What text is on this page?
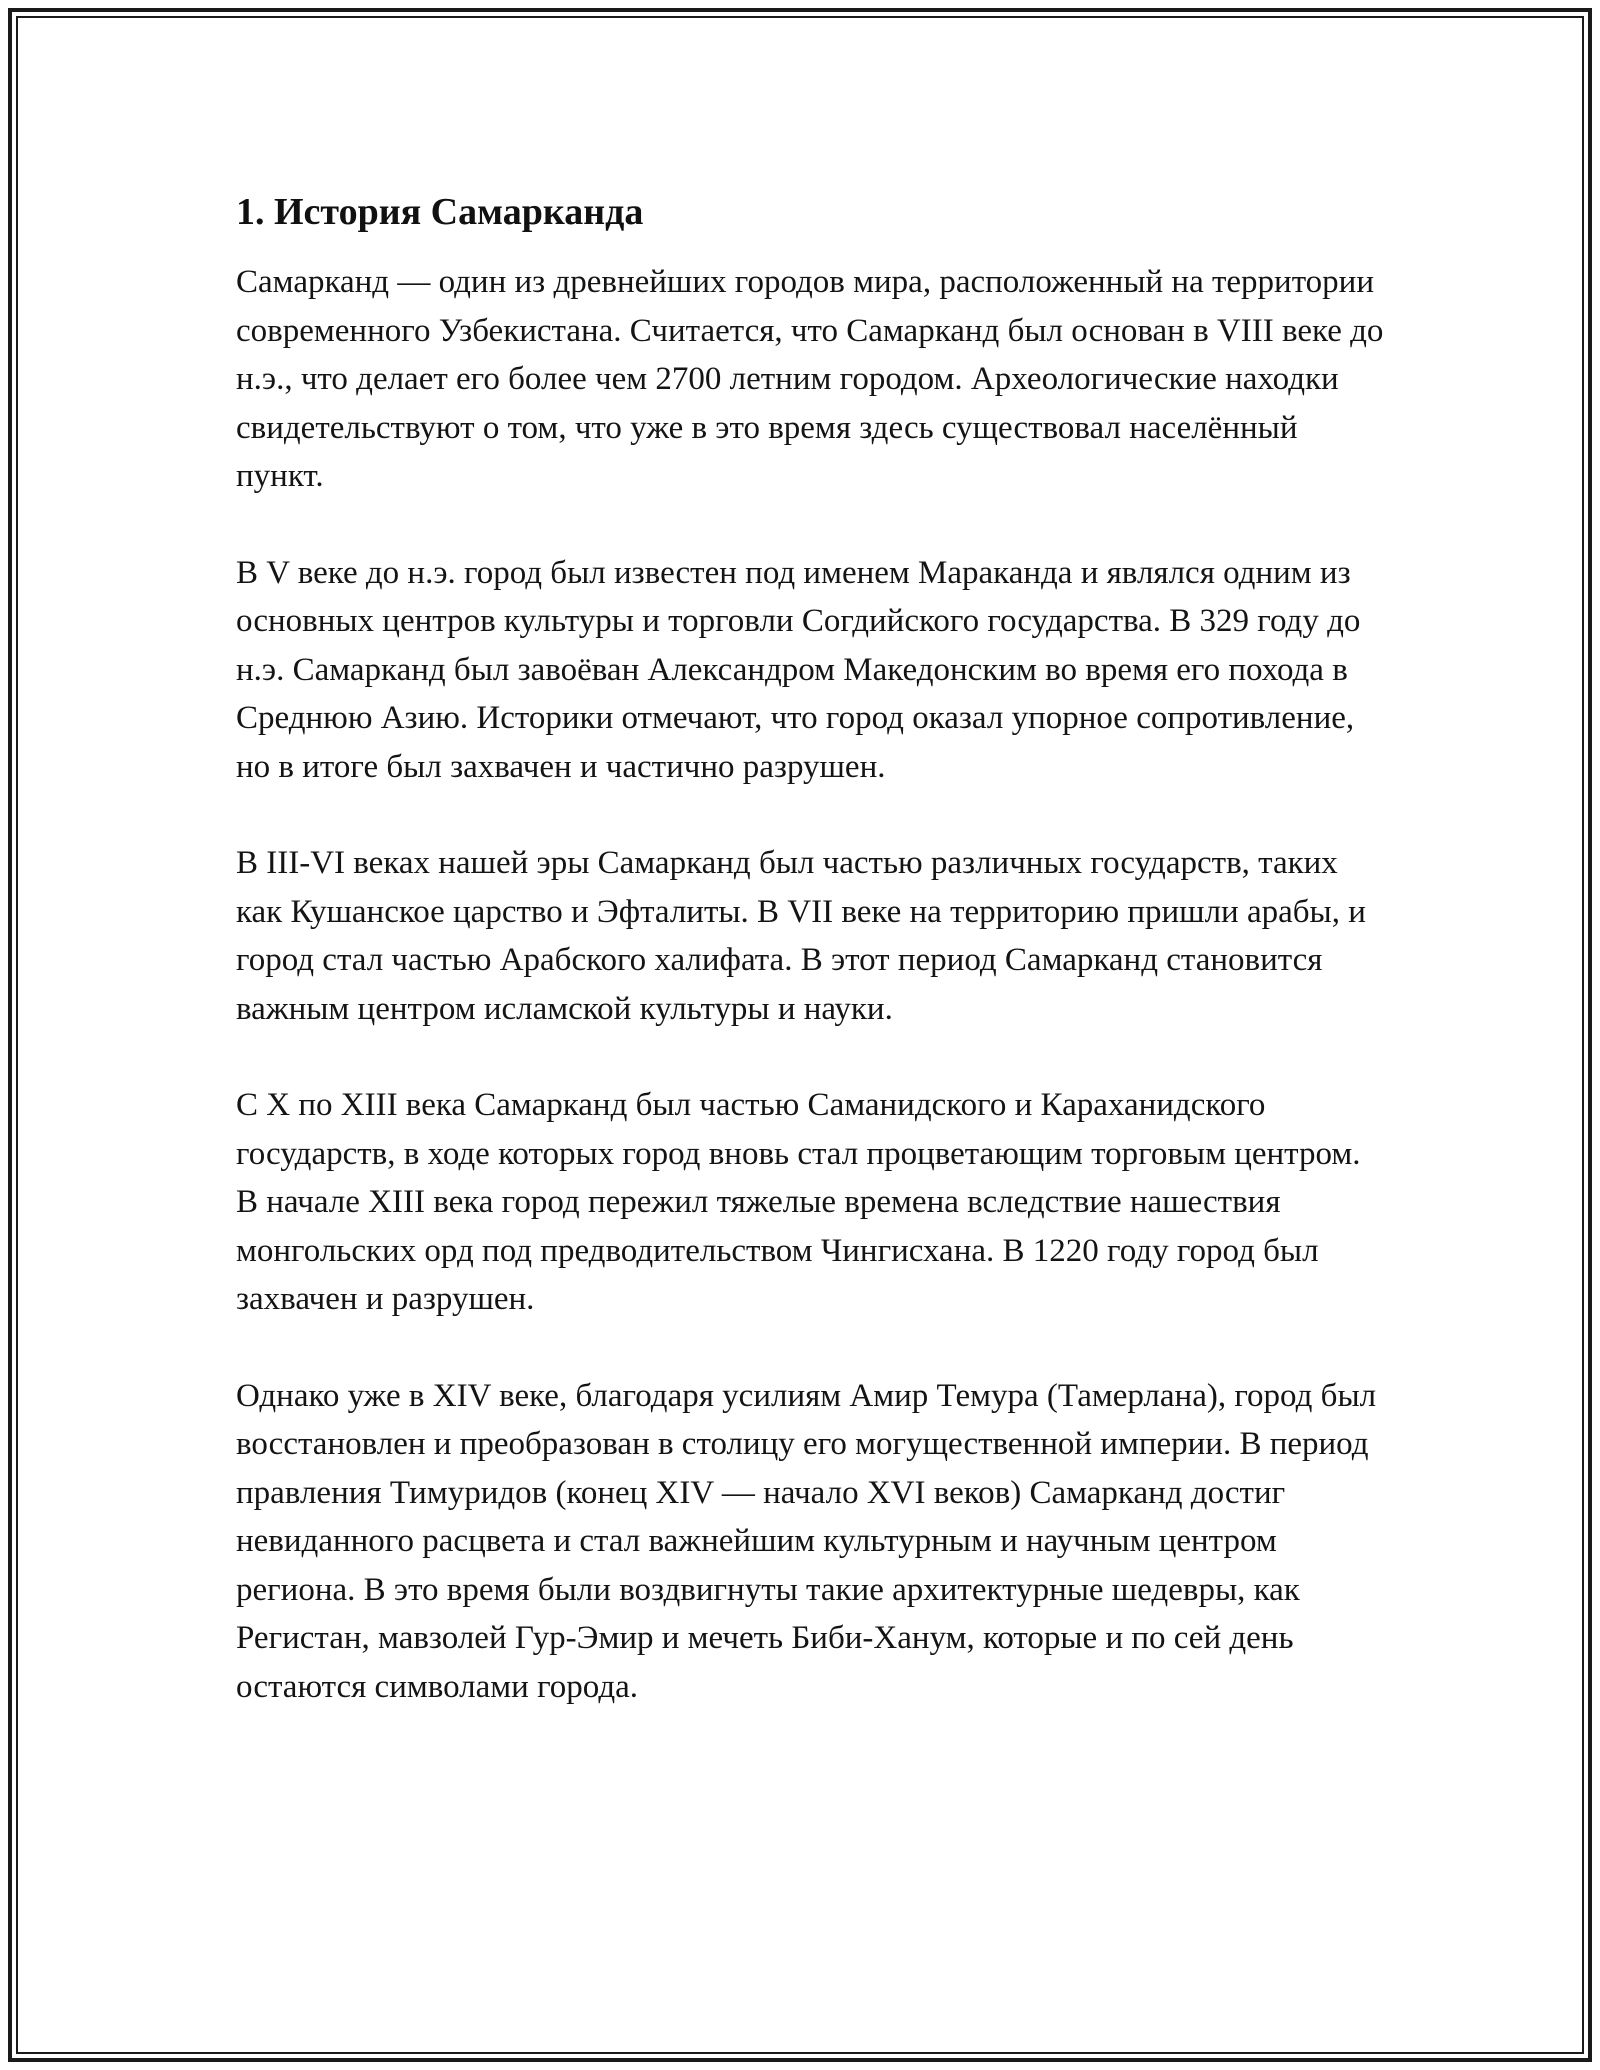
1. История Самарканда

Самарканд — один из древнейших городов мира, расположенный на территории современного Узбекистана. Считается, что Самарканд был основан в VIII веке до н.э., что делает его более чем 2700 летним городом. Археологические находки свидетельствуют о том, что уже в это время здесь существовал населённый пункт.

В V веке до н.э. город был известен под именем Мараканда и являлся одним из основных центров культуры и торговли Согдийского государства. В 329 году до н.э. Самарканд был завоёван Александром Македонским во время его похода в Среднюю Азию. Историки отмечают, что город оказал упорное сопротивление, но в итоге был захвачен и частично разрушен.

В III-VI веках нашей эры Самарканд был частью различных государств, таких как Кушанское царство и Эфталиты. В VII веке на территорию пришли арабы, и город стал частью Арабского халифата. В этот период Самарканд становится важным центром исламской культуры и науки.

С X по XIII века Самарканд был частью Саманидского и Караханидского государств, в ходе которых город вновь стал процветающим торговым центром. В начале XIII века город пережил тяжелые времена вследствие нашествия монгольских орд под предводительством Чингисхана. В 1220 году город был захвачен и разрушен.

Однако уже в XIV веке, благодаря усилиям Амир Темура (Тамерлана), город был восстановлен и преобразован в столицу его могущественной империи. В период правления Тимуридов (конец XIV — начало XVI веков) Самарканд достиг невиданного расцвета и стал важнейшим культурным и научным центром региона. В это время были воздвигнуты такие архитектурные шедевры, как Регистан, мавзолей Гур-Эмир и мечеть Биби-Ханум, которые и по сей день остаются символами города.
